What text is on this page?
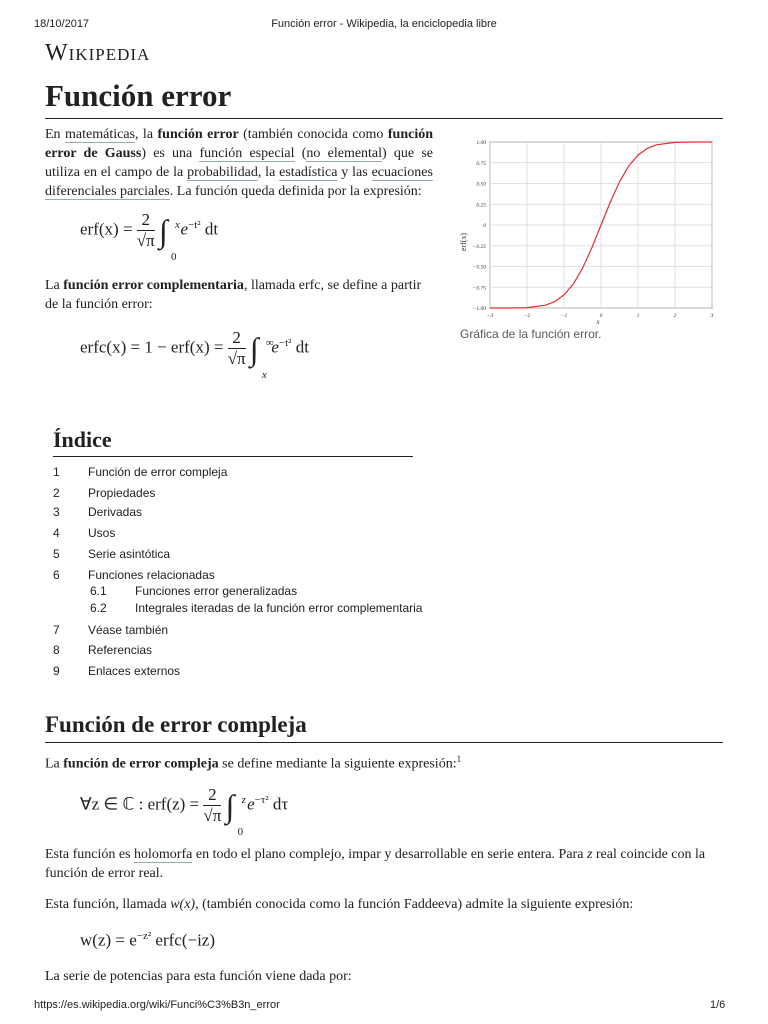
18/10/2017	Función error - Wikipedia, la enciclopedia libre
Wikipedia
Función error
En matemáticas, la función error (también conocida como función error de Gauss) es una función especial (no elemental) que se utiliza en el campo de la probabilidad, la estadística y las ecuaciones diferenciales parciales. La función queda definida por la expresión:
$erf(x) = \frac{2}{√\pi}$ ∫ x
0
$e^{-t^2}$ dt
La función error complementaria, llamada erfc, se define a partir de la función error:
erfc(x) = $1 - erf(x) = \frac{2}{√\pi}$ ∫ ∞
x
$e^{-t^2}$ dt
erf(x)
x
−3	−2	−1	0	1	2	3
1.00
0.75
0.50
0.25
0
−0.25
−0.50
−0.75
−1.00
Gráfica de la función error.
Índice
1 Función de error compleja
2 Propiedades
3 Derivadas
4 Usos
5 Serie asintótica
6 Funciones relacionadas
6.1 Funciones error generalizadas
6.2 Integrales iteradas de la función error complementaria
7 Véase también
8 Referencias
9 Enlaces externos
Función de error compleja
La función de error compleja se define mediante la siguiente expresión:$^1$
∀z ∈ ℂ : $erf(z) = \frac{2}{√\pi}$ ∫ z
0
$e^{-\tau^2}$ dτ
Esta función es holomorfa en todo el plano complejo, impar y desarrollable en serie entera. Para z real coincide con la función de error real.
Esta función, llamada w(x), (también conocida como la función Faddeeva) admite la siguiente expresión:
$w(z) = e^{-z^2}$ erfc(−iz)
La serie de potencias para esta función viene dada por:
https://es.wikipedia.org/wiki/Funci%C3%B3n_error	1/6
